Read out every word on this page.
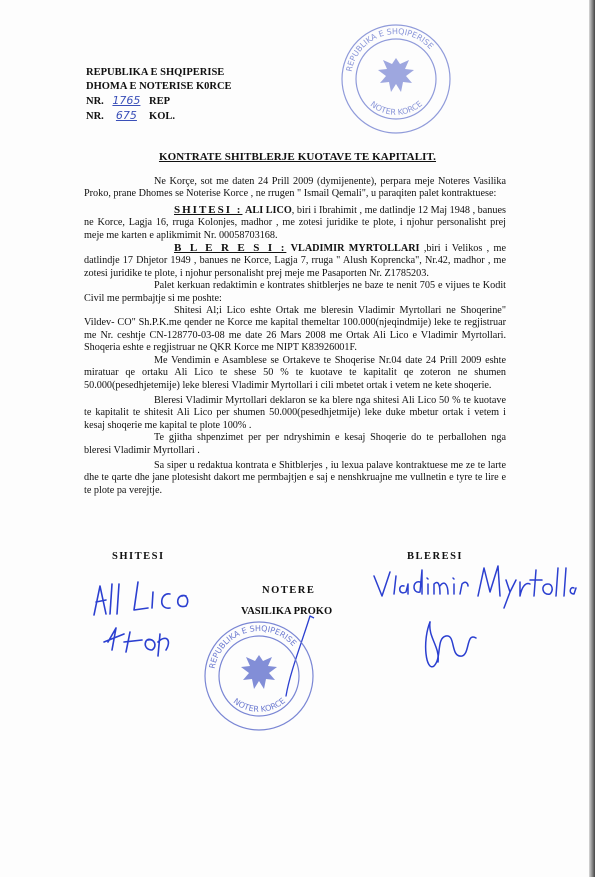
REPUBLIKA E SHQIPERISE
DHOMA E NOTERISE K0RCE
NR. 1765 REP
NR. 675 KOL.
REPUBLIKA E SHQIPERISE
NOTER KORCE
KONTRATE SHITBLERJE KUOTAVE TE KAPITALIT.

Ne Korçe, sot me daten 24 Prill 2009 (dymijenente), perpara meje Noteres Vasilika Proko, prane Dhomes se Noterise Korce , ne rrugen " Ismail Qemali", u paraqiten palet kontraktuese:

SHITESI : ALI LICO, biri i Ibrahimit , me datlindje 12 Maj 1948 , banues ne Korce, Lagja 16, rruga Kolonjes, madhor , me zotesi juridike te plote, i njohur personalisht prej meje me karten e aplikmimit Nr. 00058703168.

B L E R E S I : VLADIMIR MYRTOLLARI ,biri i Velikos , me datlindje 17 Dhjetor 1949 , banues ne Korce, Lagja 7, rruga " Alush Koprencka", Nr.42, madhor , me zotesi juridike te plote, i njohur personalisht prej meje me Pasaporten Nr. Z1785203.

Palet kerkuan redaktimin e kontrates shitblerjes ne baze te nenit 705 e vijues te Kodit Civil me permbajtje si me poshte:

Shitesi Al;i Lico eshte Ortak me bleresin Vladimir Myrtollari ne Shoqerine" Vildev- CO" Sh.P.K.me qender ne Korce me kapital themeltar 100.000(njeqindmije) leke te regjistruar me Nr. ceshtje CN-128770-03-08 me date 26 Mars 2008 me Ortak Ali Lico e Vladimir Myrtollari. Shoqeria eshte e regjistruar ne QKR Korce me NIPT K83926001F.

Me Vendimin e Asamblese se Ortakeve te Shoqerise Nr.04 date 24 Prill 2009 eshte miratuar qe ortaku Ali Lico te shese 50 % te kuotave te kapitalit qe zoteron ne shumen 50.000(pesedhjetemije) leke bleresi Vladimir Myrtollari i cili mbetet ortak i vetem ne kete shoqerie.

Bleresi Vladimir Myrtollari deklaron se ka blere nga shitesi Ali Lico 50 % te kuotave te kapitalit te shitesit Ali Lico per shumen 50.000(pesedhjetmije) leke duke mbetur ortak i vetem i kesaj shoqerie me kapital te plote 100% .

Te gjitha shpenzimet per per ndryshimin e kesaj Shoqerie do te perballohen nga bleresi Vladimir Myrtollari .

Sa siper u redaktua kontrata e Shitblerjes , iu lexua palave kontraktuese me ze te larte dhe te qarte dhe jane plotesisht dakort me permbajtjen e saj e nenshkruajne me vullnetin e tyre te lire e te plote pa verejtje.

SHITESI	BLERESI
NOTERE
VASILIKA PROKO
REPUBLIKA E SHQIPERISE
NOTER KORCE
